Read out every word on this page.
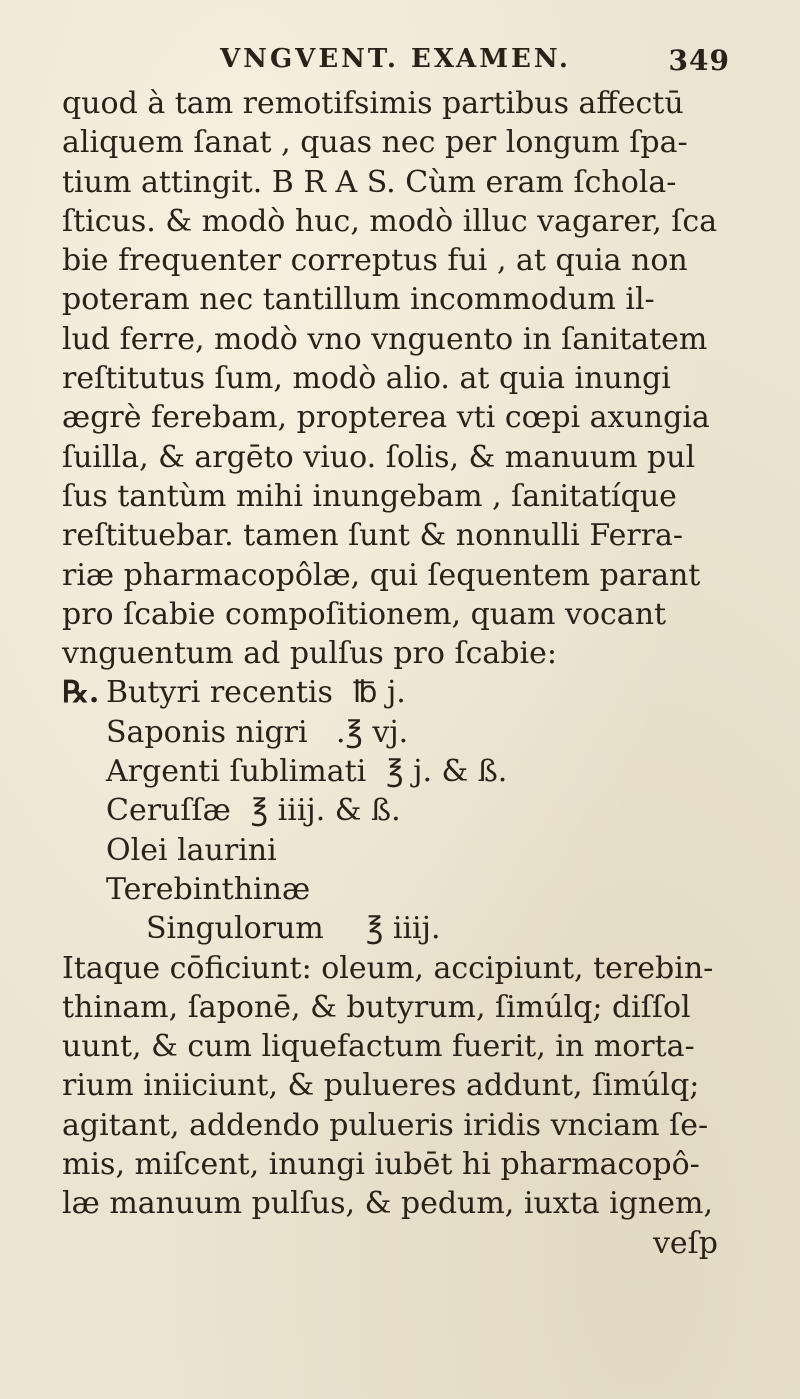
VNGVENT. EXAMEN.	349
quod à tam remotifsimis partibus affectū
aliquem ſanat , quas nec per longum ſpa-
tium attingit. B R A S. Cùm eram ſchola-
ſticus. & modò huc, modò illuc vagarer, ſca
bie frequenter correptus fui , at quia non
poteram nec tantillum incommodum il-
lud ferre, modò vno vnguento in ſanitatem
reſtitutus ſum, modò alio. at quia inungi
ægrè ferebam, propterea vti cœpi axungia
ſuilla, & argēto viuo. ſolis, & manuum pul
ſus tantùm mihi inungebam , ſanitatíque
reſtituebar. tamen ſunt & nonnulli Ferra-
riæ pharmacopôlæ, qui ſequentem parant
pro ſcabie compoſitionem, quam vocant
vnguentum ad pulſus pro ſcabie:
℞. Butyri recentis ℔ j.
Saponis nigri .℥ vj.
Argenti ſublimati ℥ j. & ß.
Ceruſſæ ℥ iiij. & ß.
Olei laurini
Terebinthinæ
Singulorum ℥ iiij.
Itaque cōficiunt: oleum, accipiunt, terebin-
thinam, ſaponē, & butyrum, ſimúlq; diſſol
uunt, & cum liquefactum fuerit, in morta-
rium iniiciunt, & pulueres addunt, ſimúlq;
agitant, addendo pulueris iridis vnciam ſe-
mis, miſcent, inungi iubēt hi pharmacopô-
læ manuum pulſus, & pedum, iuxta ignem,
veſp
